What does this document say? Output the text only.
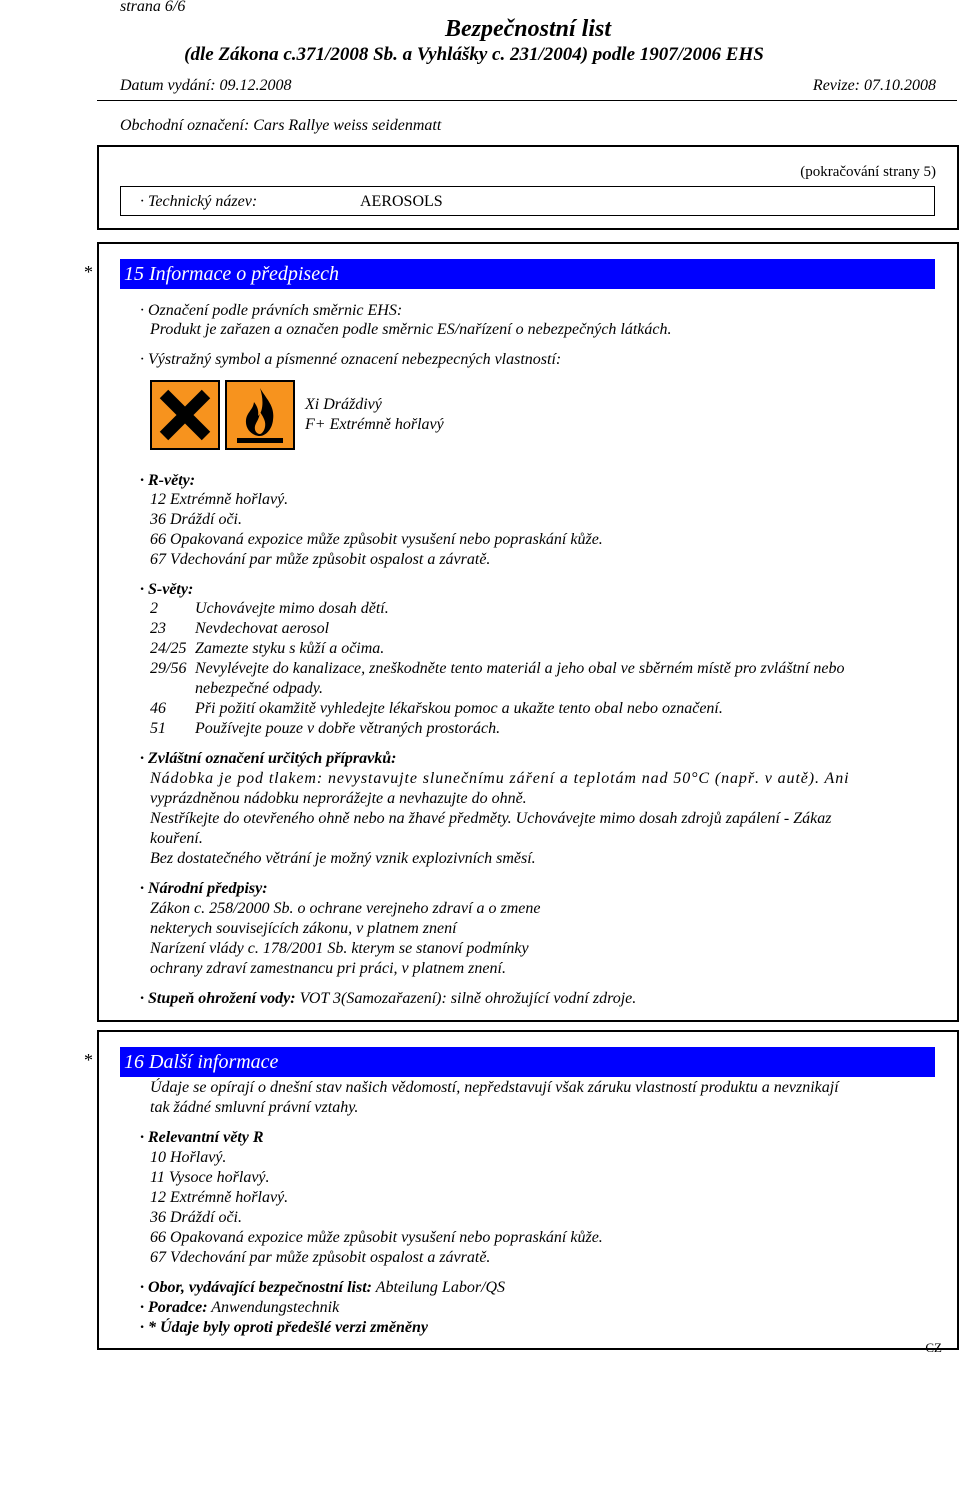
strana 6/6
Bezpečnostní list
(dle Zákona c.371/2008 Sb. a Vyhlášky c. 231/2004) podle 1907/2006 EHS
Datum vydání: 09.12.2008	Revize: 07.10.2008
Obchodní označení: Cars Rallye weiss seidenmatt
(pokračování strany 5)
· Technický název:	AEROSOLS
* 15 Informace o předpisech
· Označení podle právních směrnic EHS:
Produkt je zařazen a označen podle směrnic ES/nařízení o nebezpečných látkách.
· Výstražný symbol a písmenné oznacení nebezpecných vlastností:
Xi Dráždivý
F+ Extrémně hořlavý
· R-věty:
12 Extrémně hořlavý.
36 Dráždí oči.
66 Opakovaná expozice může způsobit vysušení nebo popraskání kůže.
67 Vdechování par může způsobit ospalost a závratě.
· S-věty:
2 Uchovávejte mimo dosah dětí.
23 Nevdechovat aerosol
24/25 Zamezte styku s kůží a očima.
29/56 Nevylévejte do kanalizace, zneškodněte tento materiál a jeho obal ve sběrném místě pro zvláštní nebo
nebezpečné odpady.
46 Při požití okamžitě vyhledejte lékařskou pomoc a ukažte tento obal nebo označení.
51 Používejte pouze v dobře větraných prostorách.
· Zvláštní označení určitých přípravků:
Nádobka je pod tlakem: nevystavujte slunečnímu záření a teplotám nad 50°C (např. v autě). Ani
vyprázdněnou nádobku neprorážejte a nevhazujte do ohně.
Nestříkejte do otevřeného ohně nebo na žhavé předměty. Uchovávejte mimo dosah zdrojů zapálení - Zákaz
kouření.
Bez dostatečného větrání je možný vznik explozivních směsí.
· Národní předpisy:
Zákon c. 258/2000 Sb. o ochrane verejneho zdraví a o zmene
nekterych souvisejících zákonu, v platnem znení
Narízení vlády c. 178/2001 Sb. kterym se stanoví podmínky
ochrany zdraví zamestnancu pri práci, v platnem znení.
· Stupeň ohrožení vody: VOT 3(Samozařazení): silně ohrožující vodní zdroje.
* 16 Další informace
Údaje se opírají o dnešní stav našich vědomostí, nepředstavují však záruku vlastností produktu a nevznikají
tak žádné smluvní právní vztahy.
· Relevantní věty R
10 Hořlavý.
11 Vysoce hořlavý.
12 Extrémně hořlavý.
36 Dráždí oči.
66 Opakovaná expozice může způsobit vysušení nebo popraskání kůže.
67 Vdechování par může způsobit ospalost a závratě.
· Obor, vydávající bezpečnostní list: Abteilung Labor/QS
· Poradce: Anwendungstechnik
· * Údaje byly oproti předešlé verzi změněny
CZ
